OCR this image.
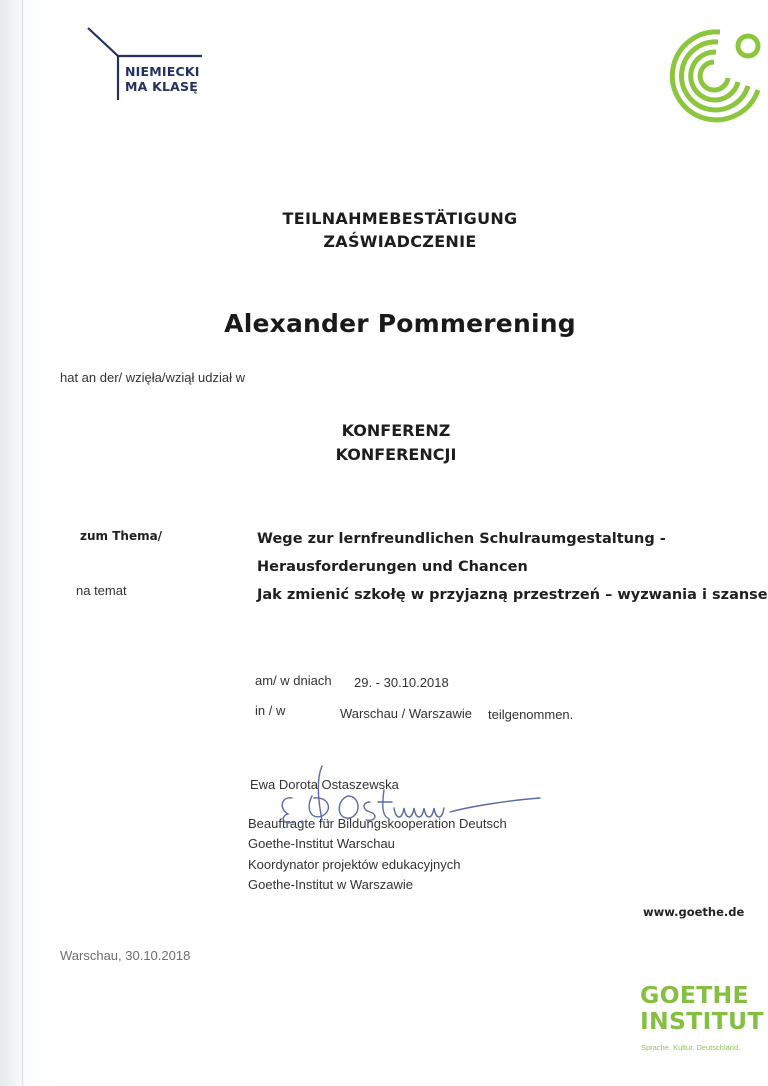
NIEMIECKI
MA KLASĘ
TEILNAHMEBESTÄTIGUNG
ZAŚWIADCZENIE
Alexander Pommerening
hat an der/ wzięła/wziął udział w
KONFERENZ
KONFERENCJI
zum Thema/
na temat
Wege zur lernfreundlichen Schulraumgestaltung -
Herausforderungen und Chancen
Jak zmienić szkołę w przyjazną przestrzeń – wyzwania i szanse
am/ w dniach 29. - 30.10.2018
in / w	Warschau / Warszawie teilgenommen.
Ewa Dorota Ostaszewska
Beauftragte für Bildungskooperation Deutsch
Goethe-Institut Warschau
Koordynator projektów edukacyjnych
Goethe-Institut w Warszawie
www.goethe.de
Warschau, 30.10.2018
GOETHE
INSTITUT
Sprache. Kultur. Deutschland.
